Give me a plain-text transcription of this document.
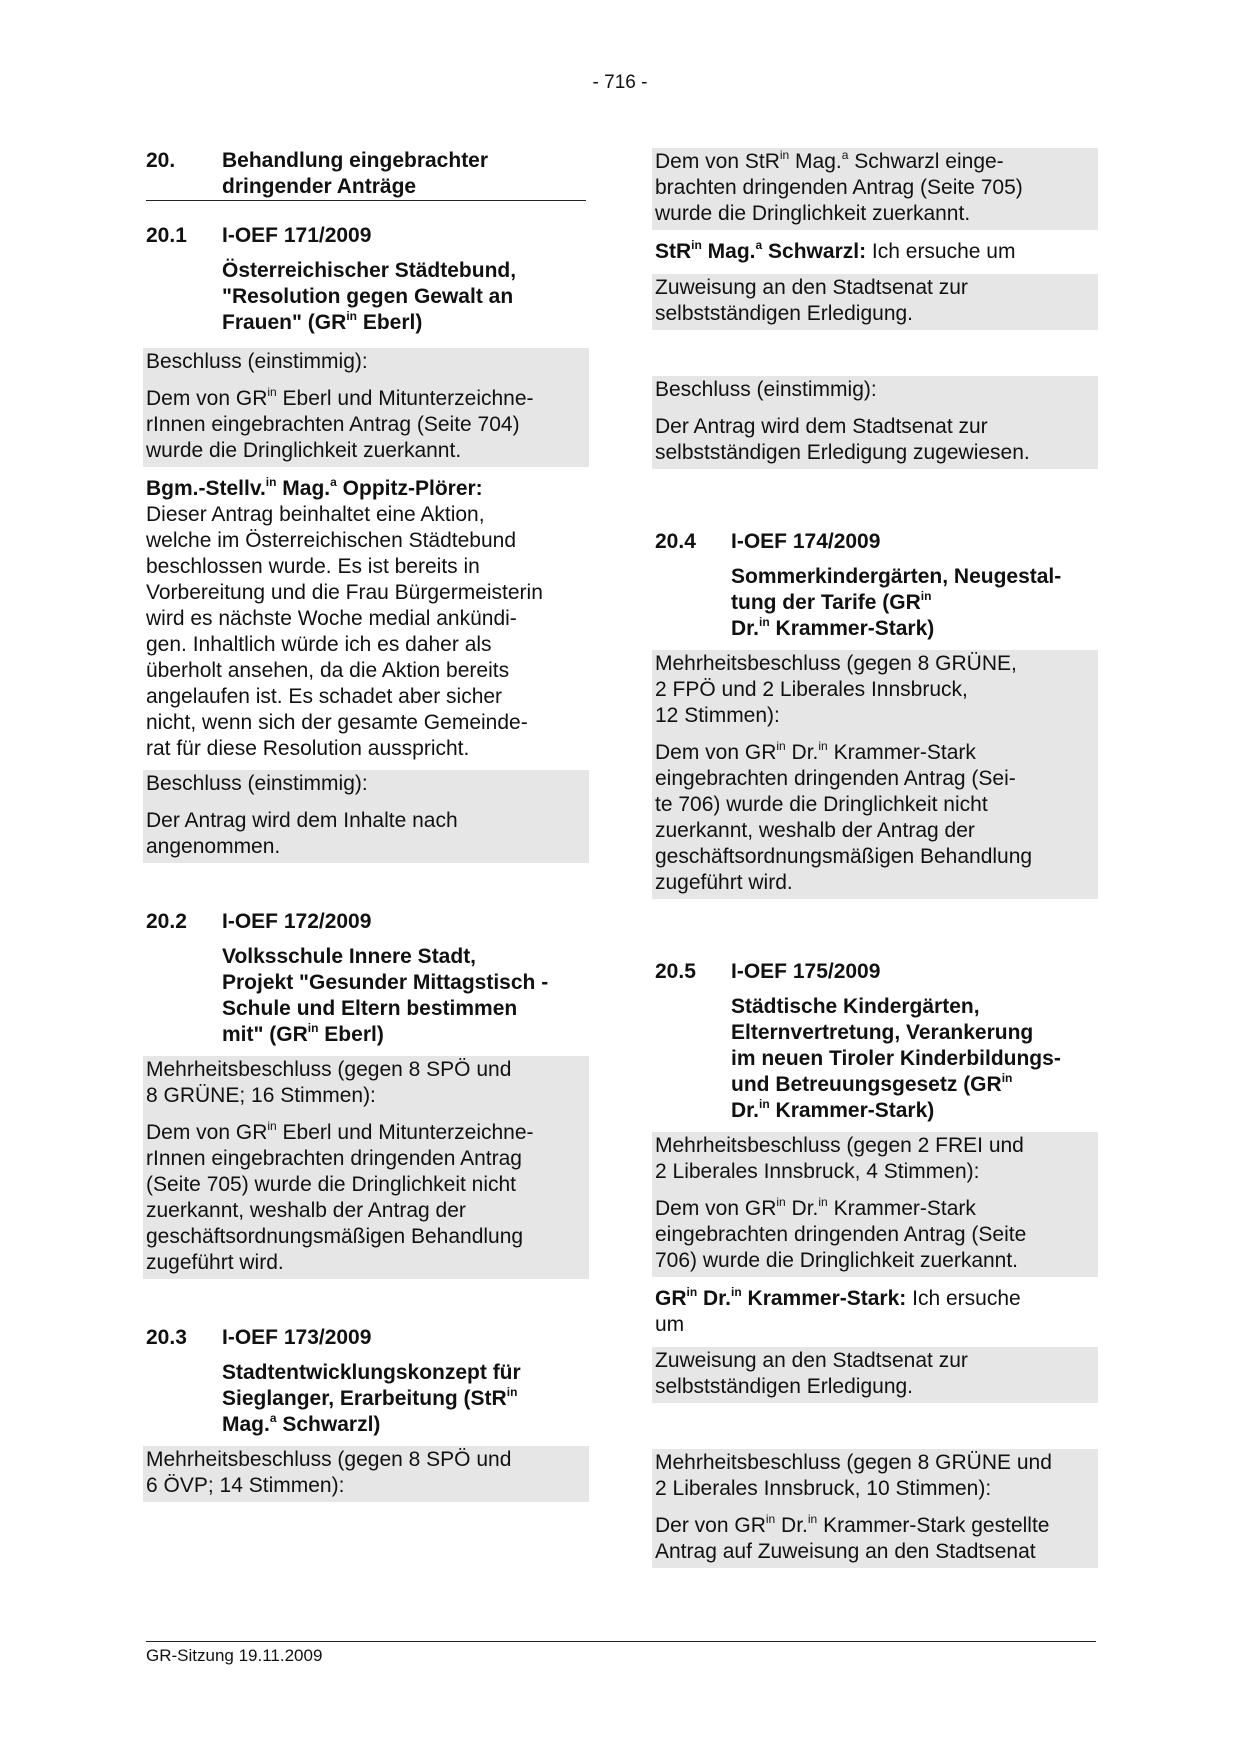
- 716 -
20.	Behandlung eingebrachter
dringender Anträge
20.1	I-OEF 171/2009
Österreichischer Städtebund,
"Resolution gegen Gewalt an
Frauen" ($GR^{in}$ Eberl)
Beschluss (einstimmig):
Dem von $GR^{in}$ Eberl und Mitunterzeichne-
rInnen eingebrachten Antrag (Seite 704)
wurde die Dringlichkeit zuerkannt.
Bgm.-Stellv.$^{in}$ Mag.$^a$ Oppitz-Plörer:
Dieser Antrag beinhaltet eine Aktion,
welche im Österreichischen Städtebund
beschlossen wurde. Es ist bereits in
Vorbereitung und die Frau Bürgermeisterin
wird es nächste Woche medial ankündi-
gen. Inhaltlich würde ich es daher als
überholt ansehen, da die Aktion bereits
angelaufen ist. Es schadet aber sicher
nicht, wenn sich der gesamte Gemeinde-
rat für diese Resolution ausspricht.
Beschluss (einstimmig):
Der Antrag wird dem Inhalte nach
angenommen.
20.2	I-OEF 172/2009
Volksschule Innere Stadt,
Projekt "Gesunder Mittagstisch -
Schule und Eltern bestimmen
mit" ($GR^{in}$ Eberl)
Mehrheitsbeschluss (gegen 8 SPÖ und
8 GRÜNE; 16 Stimmen):
Dem von $GR^{in}$ Eberl und Mitunterzeichne-
rInnen eingebrachten dringenden Antrag
(Seite 705) wurde die Dringlichkeit nicht
zuerkannt, weshalb der Antrag der
geschäftsordnungsmäßigen Behandlung
zugeführt wird.
20.3	I-OEF 173/2009
Stadtentwicklungskonzept für
Sieglanger, Erarbeitung (StR$^{in}$
Mag.$^a$ Schwarzl)
Mehrheitsbeschluss (gegen 8 SPÖ und
6 ÖVP; 14 Stimmen):
Dem von StR$^{in}$ Mag.$^a$ Schwarzl einge-
brachten dringenden Antrag (Seite 705)
wurde die Dringlichkeit zuerkannt.
StR$^{in}$ Mag.$^a$ Schwarzl: Ich ersuche um
Zuweisung an den Stadtsenat zur
selbstständigen Erledigung.
Beschluss (einstimmig):
Der Antrag wird dem Stadtsenat zur
selbstständigen Erledigung zugewiesen.
20.4	I-OEF 174/2009
Sommerkindergärten, Neugestal-
tung der Tarife ($GR^{in}$
Dr.$^{in}$ Krammer-Stark)
Mehrheitsbeschluss (gegen 8 GRÜNE,
2 FPÖ und 2 Liberales Innsbruck,
12 Stimmen):
Dem von $GR^{in}$ Dr.$^{in}$ Krammer-Stark
eingebrachten dringenden Antrag (Sei-
te 706) wurde die Dringlichkeit nicht
zuerkannt, weshalb der Antrag der
geschäftsordnungsmäßigen Behandlung
zugeführt wird.
20.5	I-OEF 175/2009
Städtische Kindergärten,
Elternvertretung, Verankerung
im neuen Tiroler Kinderbildungs-
und Betreuungsgesetz ($GR^{in}$
Dr.$^{in}$ Krammer-Stark)
Mehrheitsbeschluss (gegen 2 FREI und
2 Liberales Innsbruck, 4 Stimmen):
Dem von $GR^{in}$ Dr.$^{in}$ Krammer-Stark
eingebrachten dringenden Antrag (Seite
706) wurde die Dringlichkeit zuerkannt.
$GR^{in}$ Dr.$^{in}$ Krammer-Stark: Ich ersuche
um
Zuweisung an den Stadtsenat zur
selbstständigen Erledigung.
Mehrheitsbeschluss (gegen 8 GRÜNE und
2 Liberales Innsbruck, 10 Stimmen):
Der von $GR^{in}$ Dr.$^{in}$ Krammer-Stark gestellte
Antrag auf Zuweisung an den Stadtsenat
GR-Sitzung 19.11.2009
